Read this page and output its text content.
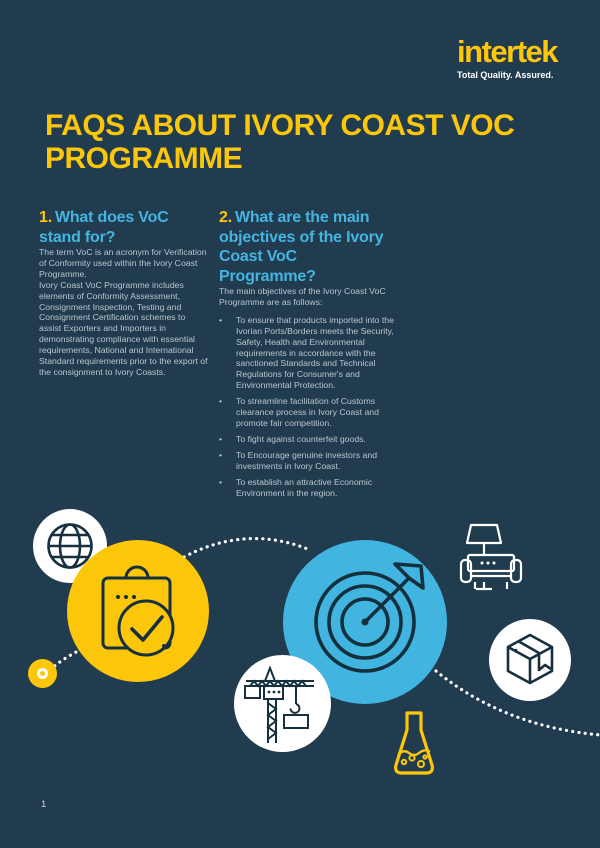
intertek
Total Quality. Assured.
FAQS ABOUT IVORY COAST VOC
PROGRAMME
1. What does VoC stand for?

The term VoC is an acronym for Verification of Conformity used within the Ivory Coast Programme.

Ivory Coast VoC Programme includes elements of Conformity Assessment, Consignment Inspection, Testing and Consignment Certification schemes to assist Exporters and Importers in demonstrating compliance with essential requirements, National and International Standard requirements prior to the export of the consignment to Ivory Coasts.

2. What are the main objectives of the Ivory Coast VoC Programme?

The main objectives of the Ivory Coast VoC Programme are as follows:

•	To ensure that products imported into the Ivorian Ports/Borders meets the Security, Safety, Health and Environmental requirements in accordance with the sanctioned Standards and Technical Regulations for Consumer's and Environmental Protection.
•	To streamline facilitation of Customs clearance process in Ivory Coast and promote fair competition.
•	To fight against counterfeit goods.
•	To Encourage genuine investors and investments in Ivory Coast.
•	To establish an attractive Economic Environment in the region.
1
